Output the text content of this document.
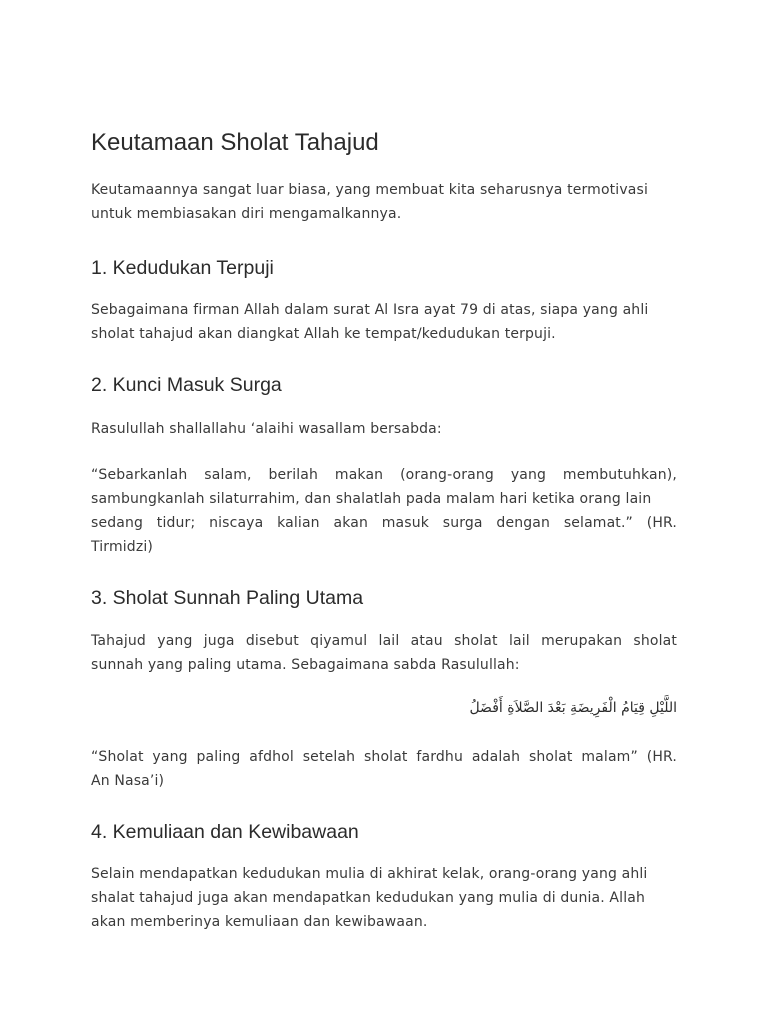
Keutamaan Sholat Tahajud
Keutamaannya sangat luar biasa, yang membuat kita seharusnya termotivasi
untuk membiasakan diri mengamalkannya.
1. Kedudukan Terpuji
Sebagaimana firman Allah dalam surat Al Isra ayat 79 di atas, siapa yang ahli
sholat tahajud akan diangkat Allah ke tempat/kedudukan terpuji.
2. Kunci Masuk Surga
Rasulullah shallallahu ‘alaihi wasallam bersabda:
“Sebarkanlah salam, berilah makan (orang-orang yang membutuhkan),
sambungkanlah silaturrahim, dan shalatlah pada malam hari ketika orang lain
sedang tidur; niscaya kalian akan masuk surga dengan selamat.” (HR.
Tirmidzi)
3. Sholat Sunnah Paling Utama
Tahajud yang juga disebut qiyamul lail atau sholat lail merupakan sholat
sunnah yang paling utama. Sebagaimana sabda Rasulullah:
اللَّيْلِ قِيَامُ الْفَرِيضَةِ بَعْدَ الصَّلاَةِ أَفْضَلُ
“Sholat yang paling afdhol setelah sholat fardhu adalah sholat malam” (HR.
An Nasa’i)
4. Kemuliaan dan Kewibawaan
Selain mendapatkan kedudukan mulia di akhirat kelak, orang-orang yang ahli
shalat tahajud juga akan mendapatkan kedudukan yang mulia di dunia. Allah
akan memberinya kemuliaan dan kewibawaan.
